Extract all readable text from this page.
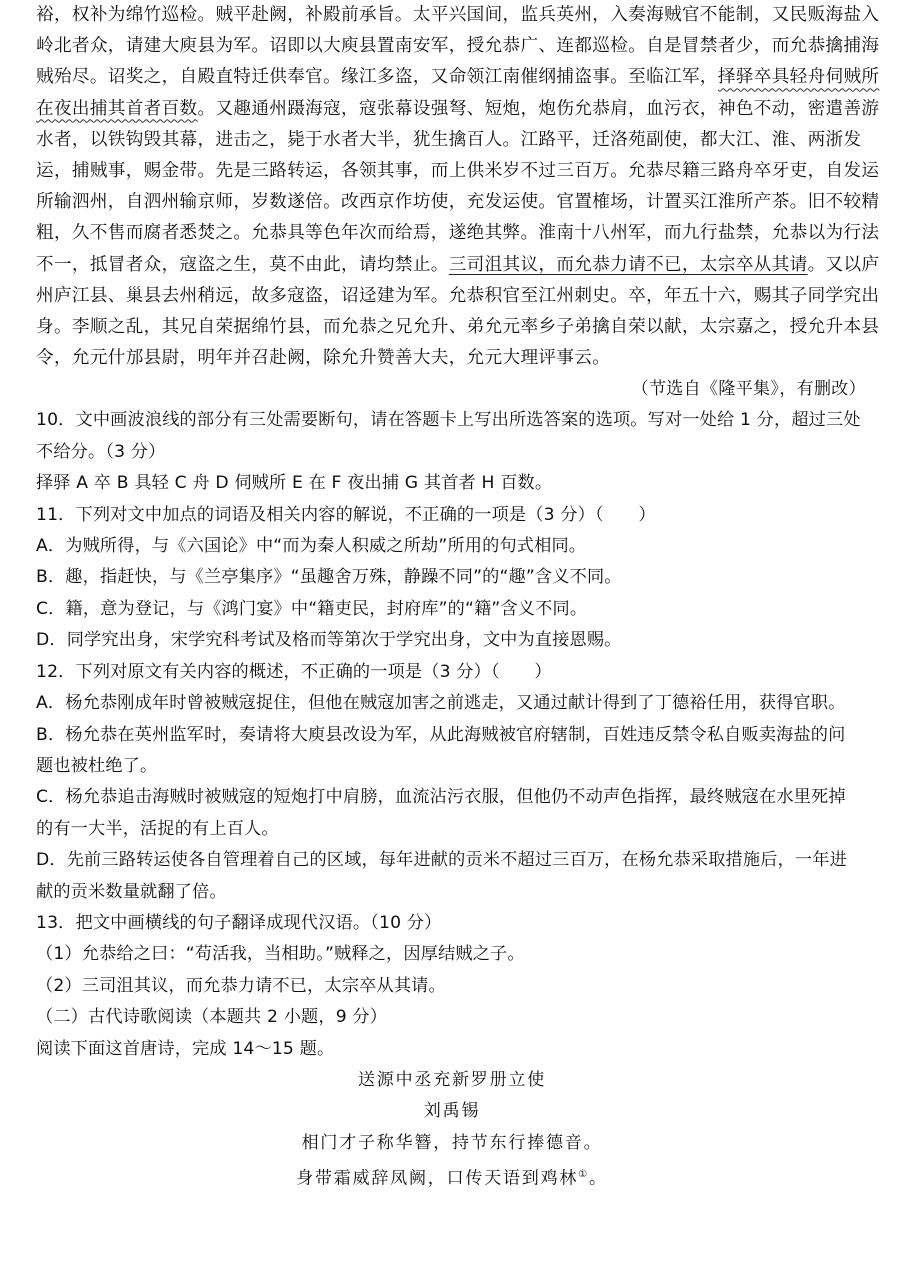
裕，权补为绵竹巡检。贼平赴阙，补殿前承旨。太平兴国间，监兵英州，入奏海贼官不能制，又民贩海盐入
岭北者众，请建大庾县为军。诏即以大庾县置南安军，授允恭广、连都巡检。自是冒禁者少，而允恭擒捕海
贼殆尽。诏奖之，自殿直特迁供奉官。缘江多盗，又命领江南催纲捕盗事。至临江军，择驿卒具轻舟伺贼所
在夜出捕其首者百数。又趣通州蹑海寇，寇张幕设强弩、短炮，炮伤允恭肩，血污衣，神色不动，密遣善游
水者，以铁钩毁其幕，进击之，毙于水者大半，犹生擒百人。江路平，迁洛苑副使，都大江、淮、两浙发
运，捕贼事，赐金带。先是三路转运，各领其事，而上供米岁不过三百万。允恭尽籍三路舟卒牙吏，自发运
所输泗州，自泗州输京师，岁数遂倍。改西京作坊使，充发运使。官置榷场，计置买江淮所产茶。旧不较精
粗，久不售而腐者悉焚之。允恭具等色年次而给焉，遂绝其弊。淮南十八州军，而九行盐禁，允恭以为行法
不一，抵冒者众，寇盗之生，莫不由此，请均禁止。三司沮其议，而允恭力请不已，太宗卒从其请。又以庐
州庐江县、巢县去州稍远，故多寇盗，诏迳建为军。允恭积官至江州刺史。卒，年五十六，赐其子同学究出
身。李顺之乱，其兄自荣据绵竹县，而允恭之兄允升、弟允元率乡子弟擒自荣以献，太宗嘉之，授允升本县
令，允元什邡县尉，明年并召赴阙，除允升赞善大夫，允元大理评事云。
（节选自《隆平集》，有删改）
10．文中画波浪线的部分有三处需要断句，请在答题卡上写出所选答案的选项。写对一处给 1 分，超过三处
不给分。（3 分）
择驿 A 卒 B 具轻 C 舟 D 伺贼所 E 在 F 夜出捕 G 其首者 H 百数。
11．下列对文中加点的词语及相关内容的解说，不正确的一项是（3 分）（　　）
A．为贼所得，与《六国论》中“而为秦人积威之所劫”所用的句式相同。
B．趣，指赶快，与《兰亭集序》“虽趣舍万殊，静躁不同”的“趣”含义不同。
C．籍，意为登记，与《鸿门宴》中“籍吏民，封府库”的“籍”含义不同。
D．同学究出身，宋学究科考试及格而等第次于学究出身，文中为直接恩赐。
12．下列对原文有关内容的概述，不正确的一项是（3 分）（　　）
A．杨允恭刚成年时曾被贼寇捉住，但他在贼寇加害之前逃走，又通过献计得到了丁德裕任用，获得官职。
B．杨允恭在英州监军时，奏请将大庾县改设为军，从此海贼被官府辖制，百姓违反禁令私自贩卖海盐的问
题也被杜绝了。
C．杨允恭追击海贼时被贼寇的短炮打中肩膀，血流沾污衣服，但他仍不动声色指挥，最终贼寇在水里死掉
的有一大半，活捉的有上百人。
D．先前三路转运使各自管理着自己的区域，每年进献的贡米不超过三百万，在杨允恭采取措施后，一年进
献的贡米数量就翻了倍。
13．把文中画横线的句子翻译成现代汉语。（10 分）
（1）允恭给之曰：“苟活我，当相助。”贼释之，因厚结贼之子。
（2）三司沮其议，而允恭力请不已，太宗卒从其请。
（二）古代诗歌阅读（本题共 2 小题，9 分）
阅读下面这首唐诗，完成 14～15 题。
送源中丞充新罗册立使
刘禹锡
相门才子称华簪，持节东行捧德音。
身带霜威辞凤阙，口传天语到鸡林①。
